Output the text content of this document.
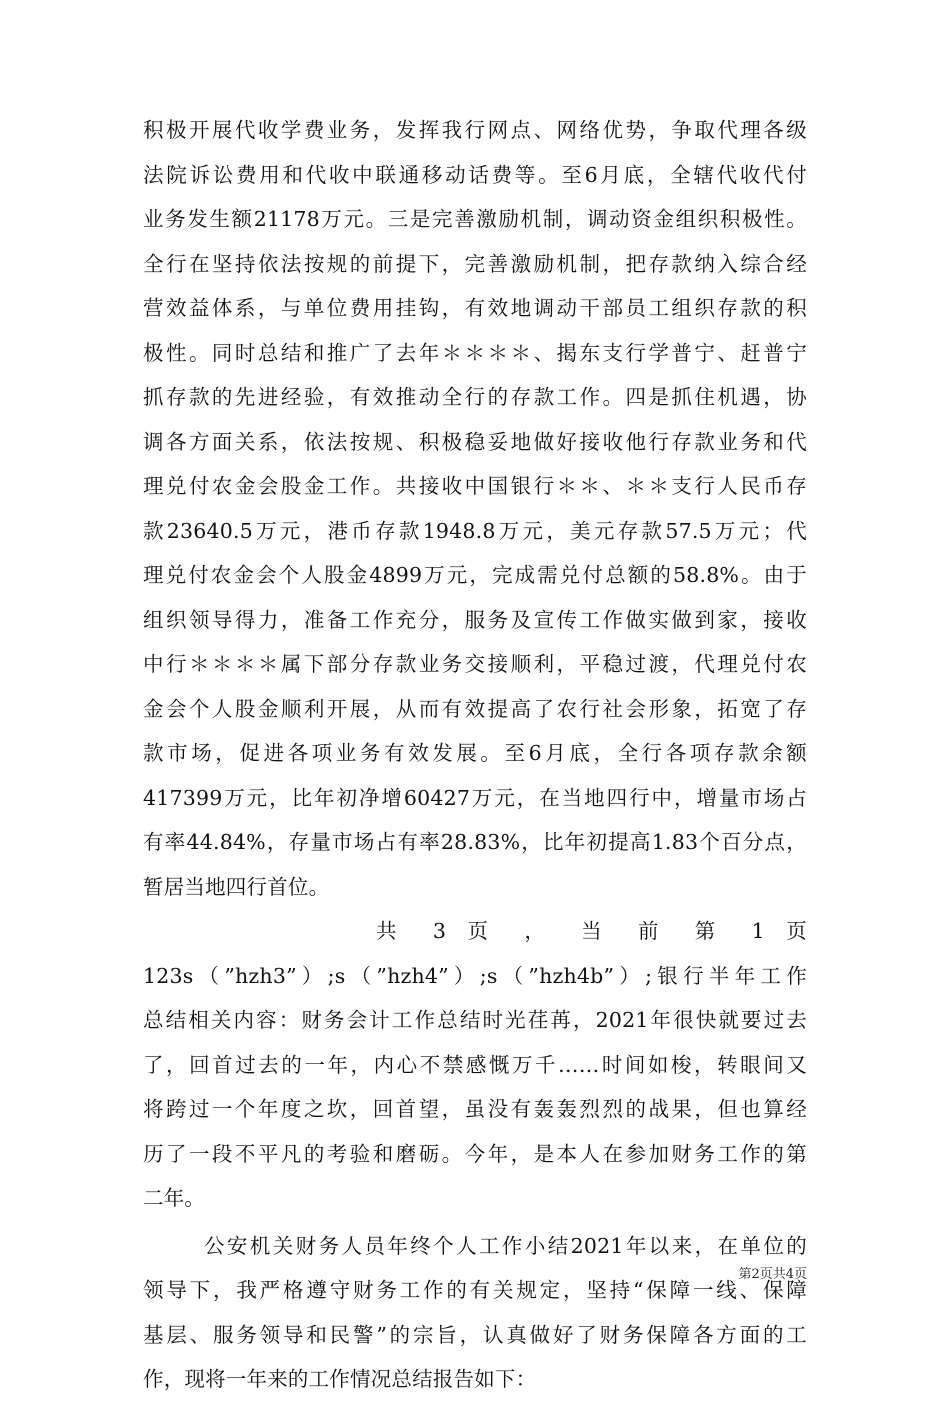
积极开展代收学费业务，发挥我行网点、网络优势，争取代理各级
法院诉讼费用和代收中联通移动话费等。至6月底，全辖代收代付
业务发生额21178万元。三是完善激励机制，调动资金组织积极性。
全行在坚持依法按规的前提下，完善激励机制，把存款纳入综合经
营效益体系，与单位费用挂钩，有效地调动干部员工组织存款的积
极性。同时总结和推广了去年＊＊＊＊、揭东支行学普宁、赶普宁
抓存款的先进经验，有效推动全行的存款工作。四是抓住机遇，协
调各方面关系，依法按规、积极稳妥地做好接收他行存款业务和代
理兑付农金会股金工作。共接收中国银行＊＊、＊＊支行人民币存
款23640.5万元，港币存款1948.8万元，美元存款57.5万元；代
理兑付农金会个人股金4899万元，完成需兑付总额的58.8%。由于
组织领导得力，准备工作充分，服务及宣传工作做实做到家，接收
中行＊＊＊＊属下部分存款业务交接顺利，平稳过渡，代理兑付农
金会个人股金顺利开展，从而有效提高了农行社会形象，拓宽了存
款市场，促进各项业务有效发展。至6月底，全行各项存款余额
417399万元，比年初净增60427万元，在当地四行中，增量市场占
有率44.84%，存量市场占有率28.83%，比年初提高1.83个百分点，
暂居当地四行首位。
共 3 页 ， 当 前 第 1 页
123s（”hzh3”）;s（”hzh4”）;s（”hzh4b”）;银行半年工作
总结相关内容：财务会计工作总结时光荏苒，2021年很快就要过去
了，回首过去的一年，内心不禁感慨万千……时间如梭，转眼间又
将跨过一个年度之坎，回首望，虽没有轰轰烈烈的战果，但也算经
历了一段不平凡的考验和磨砺。今年，是本人在参加财务工作的第
二年。
公安机关财务人员年终个人工作小结2021年以来，在单位的
领导下，我严格遵守财务工作的有关规定，坚持“保障一线、保障
基层、服务领导和民警”的宗旨，认真做好了财务保障各方面的工
作，现将一年来的工作情况总结报告如下：
第2页共4页
